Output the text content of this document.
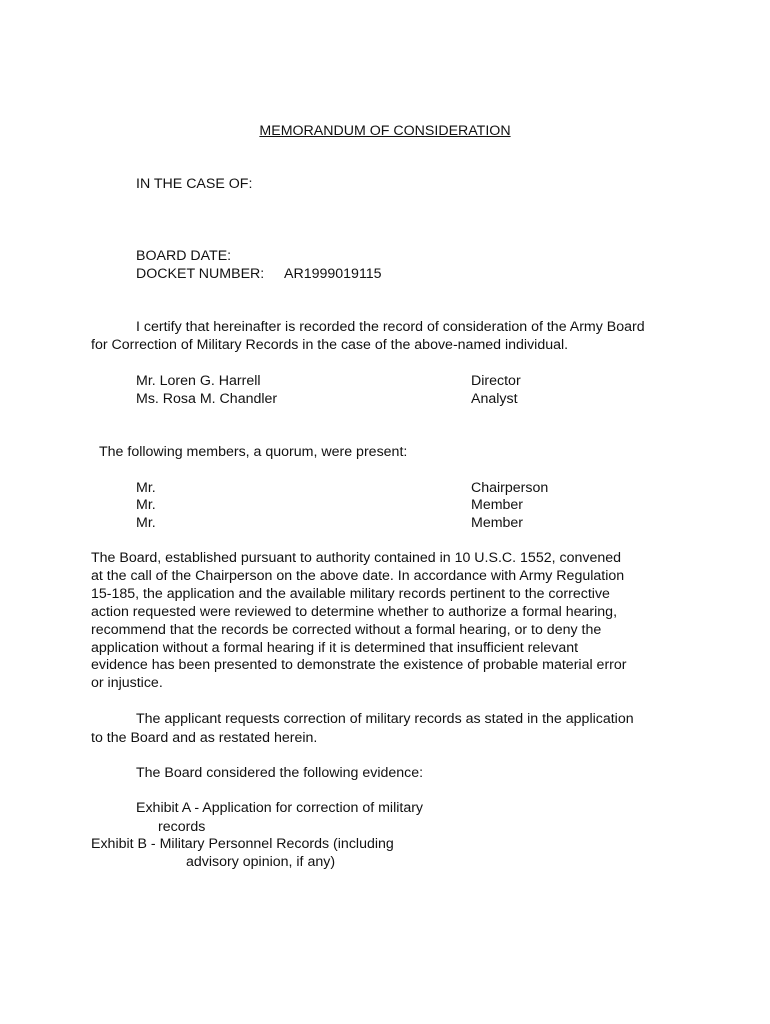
MEMORANDUM OF CONSIDERATION
IN THE CASE OF:
BOARD DATE:
DOCKET NUMBER: AR1999019115
I certify that hereinafter is recorded the record of consideration of the Army Board
for Correction of Military Records in the case of the above-named individual.
Mr. Loren G. Harrell	Director
Ms. Rosa M. Chandler	Analyst
The following members, a quorum, were present:
Mr.	Chairperson
Mr.	Member
Mr.	Member
The Board, established pursuant to authority contained in 10 U.S.C. 1552, convened
at the call of the Chairperson on the above date. In accordance with Army Regulation
15-185, the application and the available military records pertinent to the corrective
action requested were reviewed to determine whether to authorize a formal hearing,
recommend that the records be corrected without a formal hearing, or to deny the
application without a formal hearing if it is determined that insufficient relevant
evidence has been presented to demonstrate the existence of probable material error
or injustice.
The applicant requests correction of military records as stated in the application
to the Board and as restated herein.
The Board considered the following evidence:
Exhibit A - Application for correction of military
records
Exhibit B - Military Personnel Records (including
advisory opinion, if any)
